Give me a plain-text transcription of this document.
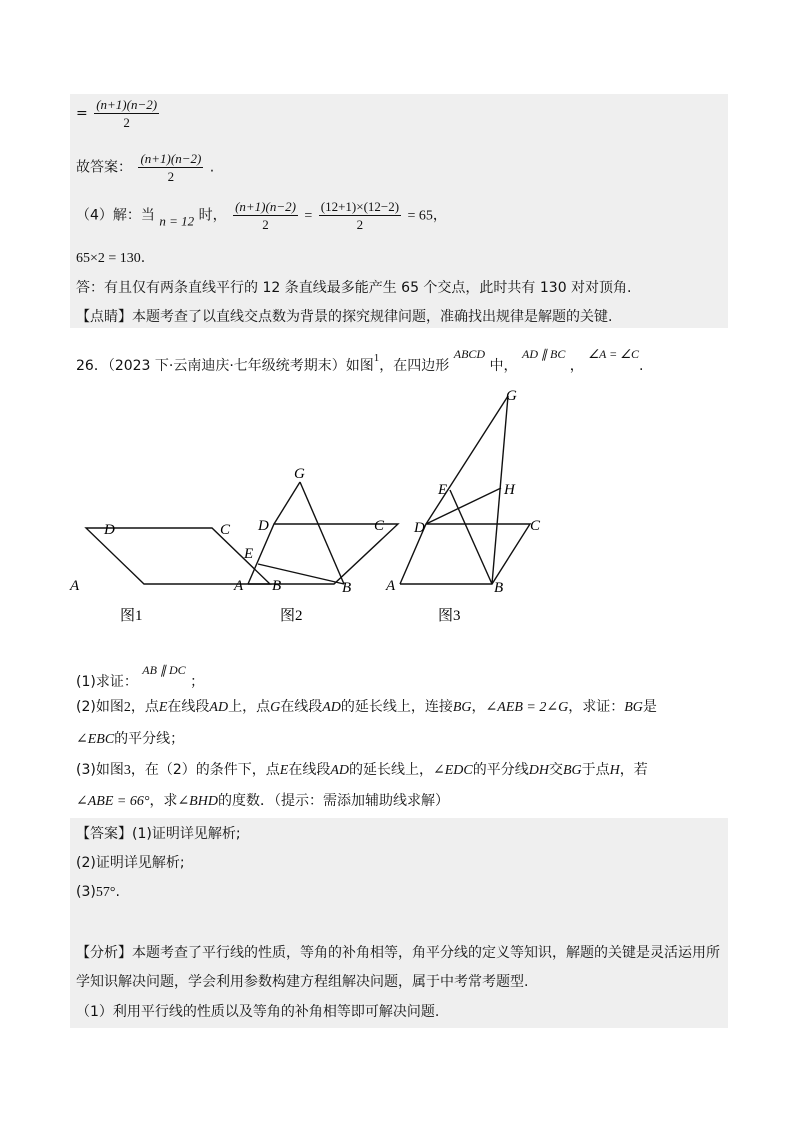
= $\frac{(n+1)(n-2)}{2}$
故答案： $\frac{(n+1)(n-2)}{2}$ .
（4）解：当 n = 12 时， $\frac{(n+1)(n-2)}{2} = \frac{(12+1)\times(12-2)}{2} = 65$，
65×2 = 130.
答：有且仅有两条直线平行的 12 条直线最多能产生 65 个交点，此时共有 130 对对顶角.
【点睛】本题考查了以直线交点数为背景的探究规律问题，准确找出规律是解题的关键.
26．（2023 下·云南迪庆·七年级统考期末）如图$^1$，在四边形 ABCD 中， AD ∥ BC ， ∠A = ∠C.
A	B
C
D
图1
A	B
C
D
E
G
图2
A	B
C
D
E
G
H
图3
(1)求证： AB ∥ DC ；
(2)如图2，点E在线段AD上，点G在线段AD的延长线上，连接BG，∠AEB = 2∠G，求证：BG是
∠EBC的平分线；
(3)如图3，在（2）的条件下，点E在线段AD的延长线上，∠EDC的平分线DH交BG于点H，若
∠ABE = 66°，求∠BHD的度数．（提示：需添加辅助线求解）
【答案】(1)证明详见解析;
(2)证明详见解析;
(3)57°.
【分析】本题考查了平行线的性质，等角的补角相等，角平分线的定义等知识，解题的关键是灵活运用所
学知识解决问题，学会利用参数构建方程组解决问题，属于中考常考题型.
（1）利用平行线的性质以及等角的补角相等即可解决问题.
